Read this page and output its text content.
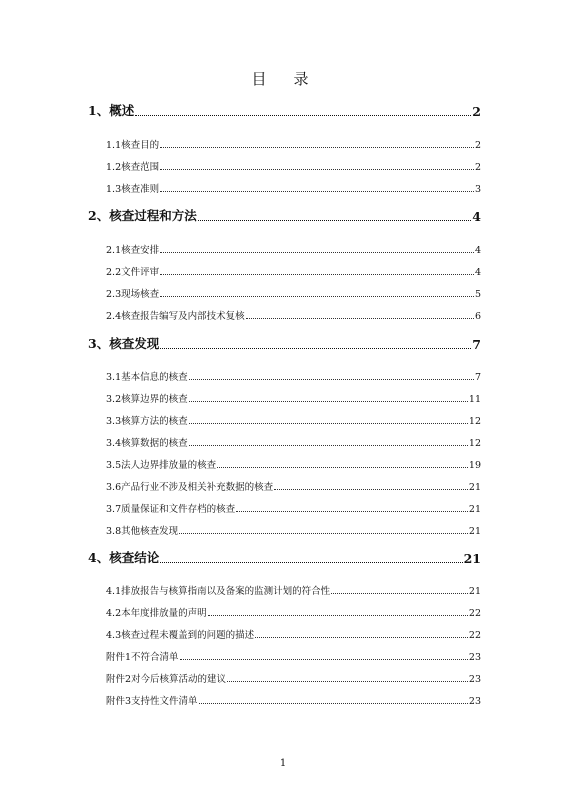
目　录
1、概述	2
1.1核查目的	2
1.2核查范围	2
1.3核查准则	3
2、核查过程和方法	4
2.1核查安排	4
2.2文件评审	4
2.3现场核查	5
2.4核查报告编写及内部技术复核	6
3、核查发现	7
3.1基本信息的核查	7
3.2核算边界的核查	11
3.3核算方法的核查	12
3.4核算数据的核查	12
3.5法人边界排放量的核查	19
3.6产品行业不涉及相关补充数据的核查	21
3.7质量保证和文件存档的核查	21
3.8其他核查发现	21
4、核查结论	21
4.1排放报告与核算指南以及备案的监测计划的符合性	21
4.2本年度排放量的声明	22
4.3核查过程未覆盖到的问题的描述	22
附件1不符合清单	23
附件2对今后核算活动的建议	23
附件3支持性文件清单	23
1
